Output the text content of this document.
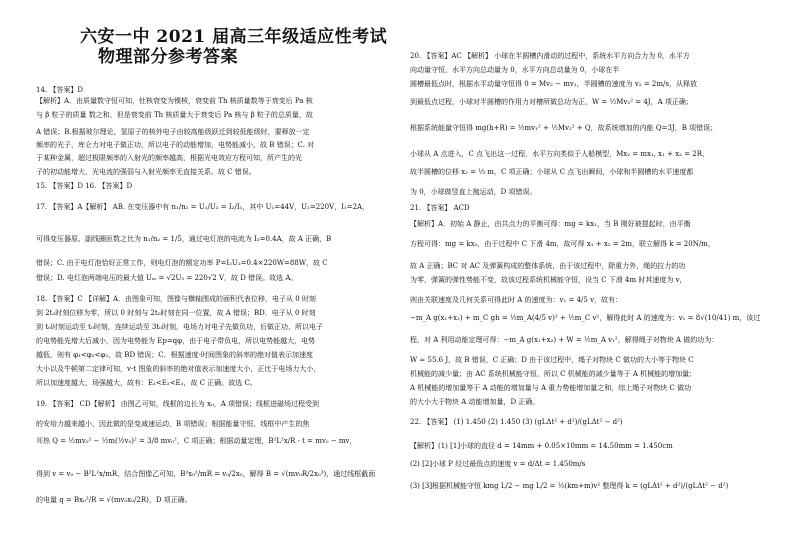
六安一中 2021 届高三年级适应性考试
物理部分参考答案
14. 【答案】D
【解析】A．由质量数守恒可知，钍核衰变为镤核，衰变前 Th 核质量数等于衰变后 Pa 核
与 β 粒子的质量 数之和，但是衰变前 Th 核质量大于衰变后 Pa 核与 β 粒子的总质量，故
A 错误；B.根据玻尔理论，氢原子的核外电子由较高能级跃迁到较低能级时，要释放一定
频率的光子，库仑力对电子做正功，所以电子的动能增加，电势能减小，故 B 错误；C. 对
于某种金属，超过极限频率的入射光的频率越高，根据光电效应方程可知，所产生的光
子的初动能增大，光电流的强弱与入射光频率无直接关系。故 C 错误。
15. 【答案】D 16. 【答案】D
17. 【答案】A【解析】 AB. 在变压器中有 n₁/n₂ = U₁/U₂ = I₂/I₁，其中 U₁=44V，U₂=220V，I₁=2A，
可得变压器原、副线圈匝数之比为 n₁/n₂ = 1/5，通过电灯泡的电流为 I₂=0.4A，故 A 正确，B
错误；C. 由于电灯泡恰好正常工作，则电灯泡的额定功率 P=I₂U₂=0.4×220W=88W，故 C
错误；D. 电灯泡两端电压的最大值 Uₘ = √2U₂ = 220√2 V，故 D 错误。故选 A。
18. 【答案】C 【详解】A．由图象可知，图像与横轴围成的面积代表位移，电子从 0 时刻
到 2t₀时刻位移为零，所以 0 时刻与 2t₀时刻在同一位置，故 A 错误；BD．电子从 0 时刻
到 t₀时刻运动至 t₀时刻，连续运动至 3t₀时刻，电场力对电子先做负功，后做正功，所以电子
的电势能先增大后减小，因为电势能为 Ep=qφ，由于电子带负电，所以电势能越大，电势
越低，则有 φ₁<φ₂<φ₃，故 BD 错误；C．根据速度-时间图象的斜率的绝对值表示加速度
大小以及牛顿第二定律可知，v-t 图象的斜率的绝对值表示加速度大小，正比于电场力大小，
所以加速度越大，场强越大，故有：E₁<E₂<E₃，故 C 正确。故选 C。
19. 【答案】 CD【解析】 由图乙可知，线框的边长为 x₀，A 项错误；线框进磁场过程受到
的安培力越来越小，因此做的是变减速运动，B 项错误；根据能量守恒，线框中产生的焦
耳热 Q = ½mv₀² − ½m(½v₀)² = 3/8 mv₀²，C 项正确；根据动量定理，B²L²x/R · t = mv₀ − mv，
得到 v = v₀ − B²L²x/mR，结合图像乙可知，B²x₀²/mR = v₀/2x₀，解得 B = √(mv₀R/2x₀³)，通过线框截面
的电量 q = Bx₀²/R = √(mv₀x₀/2R)，D 项正确。
20. 【答案】AC 【解析】 小球在半圆槽内滑动的过程中，系统水平方向合力为 0，水平方
向动量守恒，水平方向总动量为 0，水平方向总动量为 0，小球在半
圆槽最低点时，根据水平动量守恒得 0 = Mv₂ − mv₁，半圆槽的速度为 v₂ = 2m/s，从释放
到最低点过程，小球对半圆槽的作用力对槽所做总功为正，W = ½Mv₂² = 4J，A 项正确；
根据系统能量守恒得 mg(h+R) = ½mv₁² + ½Mv₂² + Q，故系统增加的内能 Q=3J，B 项错误；
小球从 A 点进入，C 点飞出这一过程，水平方向类似于人船模型，Mx₂ = mx₁, x₁ + x₂ = 2R，
故半圆槽的位移 x₂ = ⅓ m，C 项正确；小球从 C 点飞出瞬间，小球和半圆槽的水平速度都
为 0，小球做竖直上抛运动，D 项错误。
21. 【答案】 ACD
【解析】A．初始 A 静止，由共点力的平衡可得：mg = kx₁，当 B 刚好被提起时，由平衡
方程可得：mg = kx₂，由于过程中 C 下滑 4m，故可得 x₁ + x₂ = 2m，联立解得 k = 20N/m，
故 A 正确；BC 对 AC 及弹簧构成的整体系统，由于该过程中，除重力外，绳的拉力的功
为零，弹簧的弹性势能不变，故该过程系统机械能守恒，设当 C 下滑 4m 时其速度为 v，
则由关联速度及几何关系可得此时 A 的速度为：v₁ = 4/5 v，故有：
−m_A g(x₁+x₂) + m_C gh = ½m_A(4/5 v)² + ½m_C v²，解得此时 A 的速度为：v₁ = 8√(10/41) m，该过
程，对 A 利用动能定理可得：−m_A g(x₁+x₂) + W = ½m_A v₁²，解得绳子对物块 A 做的功为：
W ≈ 55.6 J，故 B 错误，C 正确；D 由于该过程中，绳子对物块 C 做功的大小等于物块 C
机械能的减少量；由 AC 系统机械能守恒，所以 C 机械能的减少量等于 A 机械能的增加量；
A 机械能的增加量等于 A 动能的增加量与 A 重力势能增加量之和，综上绳子对物块 C 做功
的大小大于物块 A 动能增加量，D 正确。
22. 【答案】 (1) 1.450 (2) 1.450 (3) (gLΔt² + d²)/(gLΔt² − d²)
【解析】(1) [1]小球的直径 d = 14mm + 0.05×10mm = 14.50mm = 1.450cm
(2) [2]小球 P 经过最低点的速度 v = d/Δt = 1.450m/s
(3) [3]根据机械能守恒 kmg L/2 − mg L/2 = ½(km+m)v² 整理得 k = (gLΔt² + d²)/(gLΔt² − d²)
